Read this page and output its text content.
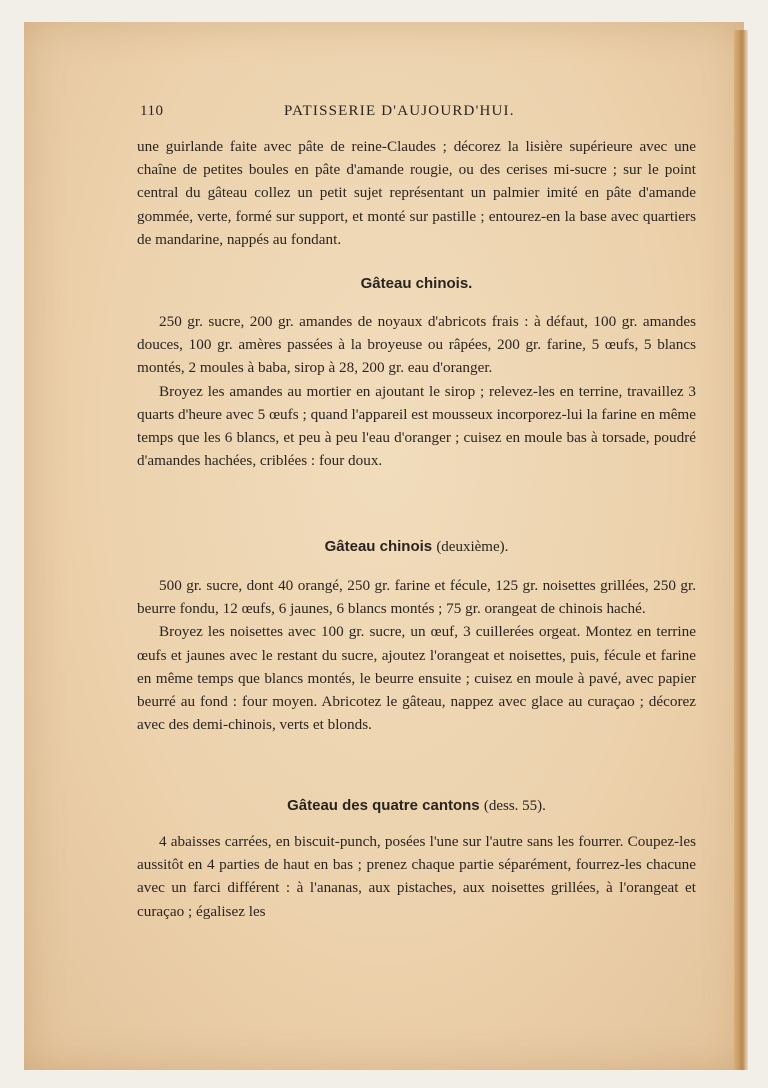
110	PATISSERIE D'AUJOURD'HUI.

une guirlande faite avec pâte de reine-Claudes ; décorez la lisière supérieure avec une chaîne de petites boules en pâte d'amande rougie, ou des cerises mi-sucre ; sur le point central du gâteau collez un petit sujet représentant un palmier imité en pâte d'amande gommée, verte, formé sur support, et monté sur pastille ; entourez-en la base avec quartiers de mandarine, nappés au fondant.

Gâteau chinois.

250 gr. sucre, 200 gr. amandes de noyaux d'abricots frais : à défaut, 100 gr. amandes douces, 100 gr. amères passées à la broyeuse ou râpées, 200 gr. farine, 5 œufs, 5 blancs montés, 2 moules à baba, sirop à 28, 200 gr. eau d'oranger.

Broyez les amandes au mortier en ajoutant le sirop ; relevez-les en terrine, travaillez 3 quarts d'heure avec 5 œufs ; quand l'appareil est mousseux incorporez-lui la farine en même temps que les 6 blancs, et peu à peu l'eau d'oranger ; cuisez en moule bas à torsade, poudré d'amandes hachées, criblées : four doux.

Gâteau chinois (deuxième).

500 gr. sucre, dont 40 orangé, 250 gr. farine et fécule, 125 gr. noisettes grillées, 250 gr. beurre fondu, 12 œufs, 6 jaunes, 6 blancs montés ; 75 gr. orangeat de chinois haché.

Broyez les noisettes avec 100 gr. sucre, un œuf, 3 cuillerées orgeat. Montez en terrine œufs et jaunes avec le restant du sucre, ajoutez l'orangeat et noisettes, puis, fécule et farine en même temps que blancs montés, le beurre ensuite ; cuisez en moule à pavé, avec papier beurré au fond : four moyen. Abricotez le gâteau, nappez avec glace au curaçao ; décorez avec des demi-chinois, verts et blonds.

Gâteau des quatre cantons (dess. 55).

4 abaisses carrées, en biscuit-punch, posées l'une sur l'autre sans les fourrer. Coupez-les aussitôt en 4 parties de haut en bas ; prenez chaque partie séparément, fourrez-les chacune avec un farci différent : à l'ananas, aux pistaches, aux noisettes grillées, à l'orangeat et curaçao ; égalisez les
